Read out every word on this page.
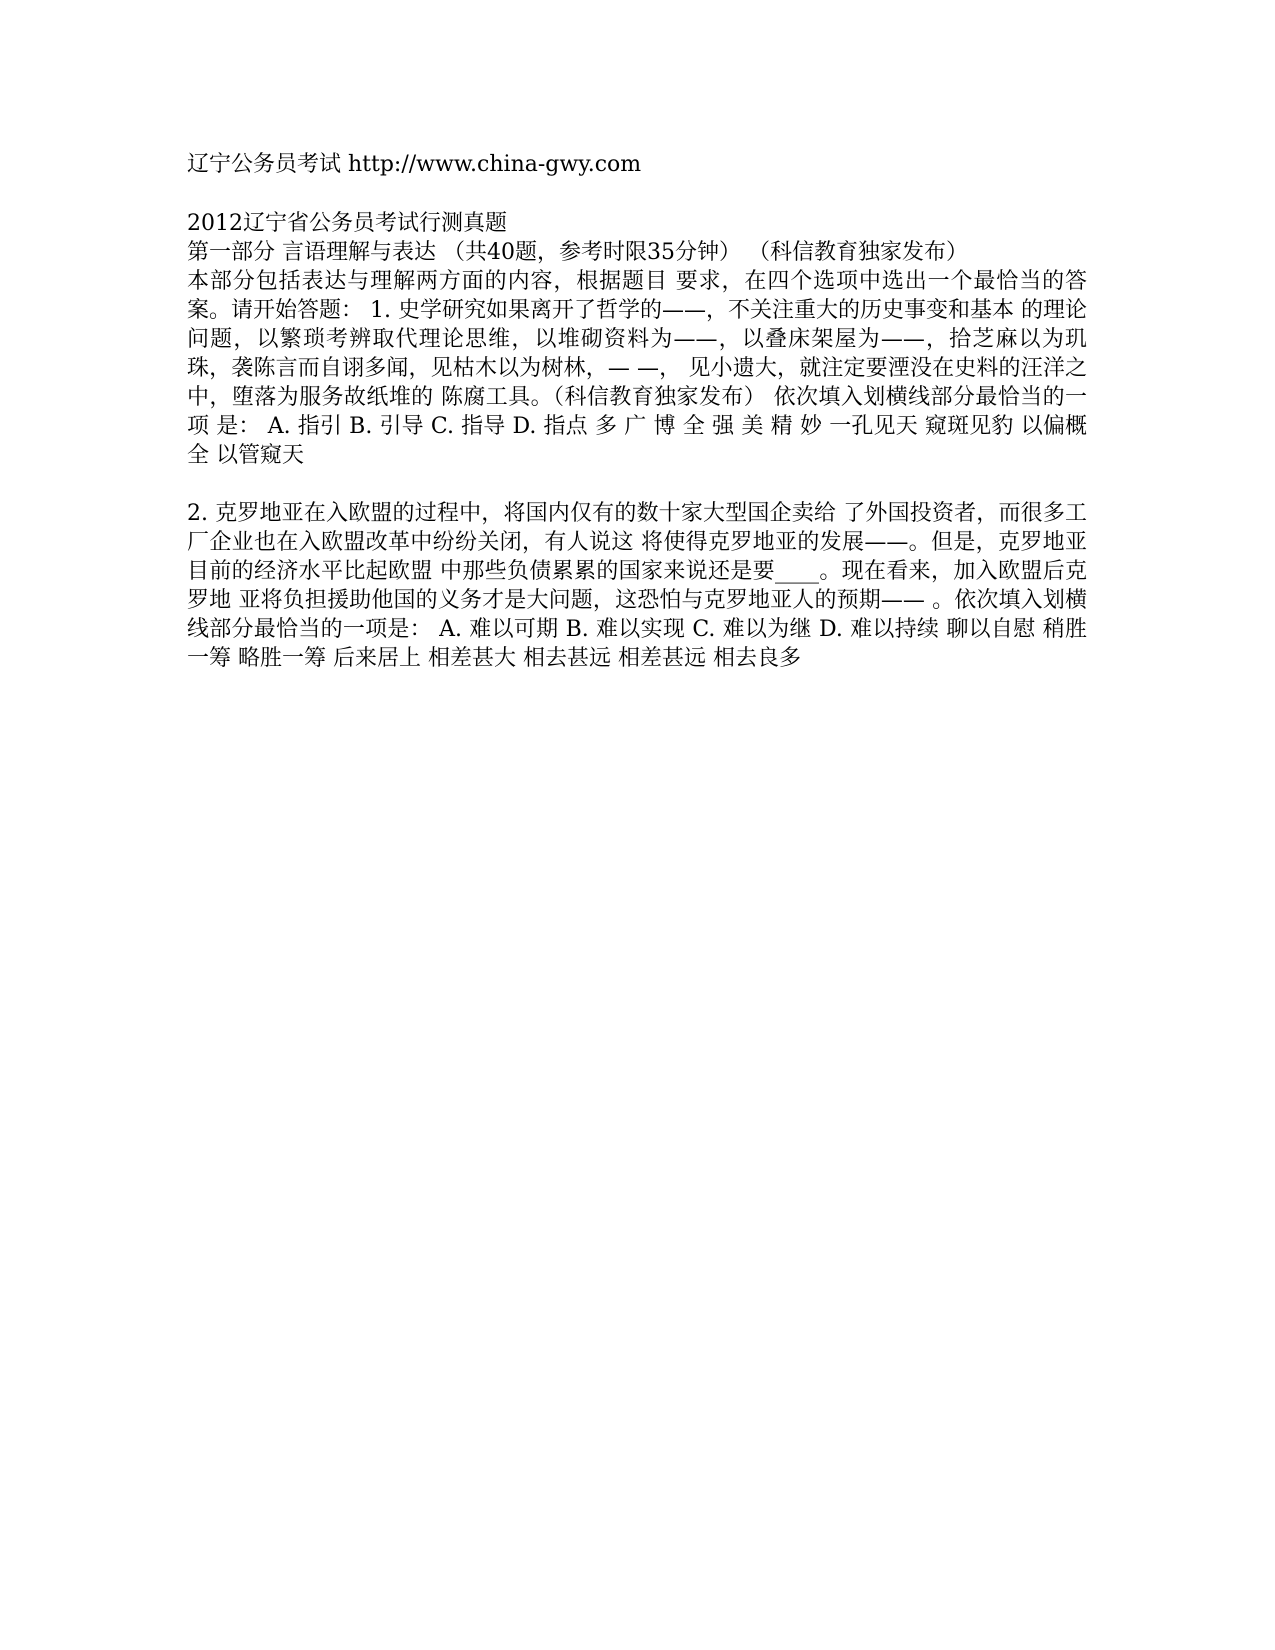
辽宁公务员考试 http://www.china-gwy.com
2012辽宁省公务员考试行测真题
第一部分 言语理解与表达 （共40题，参考时限35分钟） （科信教育独家发布）

本部分包括表达与理解两方面的内容，根据题目 要求，在四个选项中选出一个最恰当的答案。请开始答题： 1. 史学研究如果离开了哲学的——，不关注重大的历史事变和基本 的理论问题，以繁琐考辨取代理论思维，以堆砌资料为——，以叠床架屋为——，拾芝麻以为玑 珠，袭陈言而自诩多闻，见枯木以为树林，— —， 见小遗大，就注定要湮没在史料的汪洋之中，堕落为服务故纸堆的 陈腐工具。（科信教育独家发布） 依次填入划横线部分最恰当的一项 是： A. 指引 B. 引导 C. 指导 D. 指点 多 广 博 全 强 美 精 妙 一孔见天 窥斑见豹 以偏概全 以管窥天

2. 克罗地亚在入欧盟的过程中，将国内仅有的数十家大型国企卖给 了外国投资者，而很多工厂企业也在入欧盟改革中纷纷关闭，有人说这 将使得克罗地亚的发展——。但是，克罗地亚目前的经济水平比起欧盟 中那些负债累累的国家来说还是要____。现在看来，加入欧盟后克罗地 亚将负担援助他国的义务才是大问题，这恐怕与克罗地亚人的预期—— 。依次填入划横线部分最恰当的一项是： A. 难以可期 B. 难以实现 C. 难以为继 D. 难以持续 聊以自慰 稍胜一筹 略胜一筹 后来居上 相差甚大 相去甚远 相差甚远 相去良多
